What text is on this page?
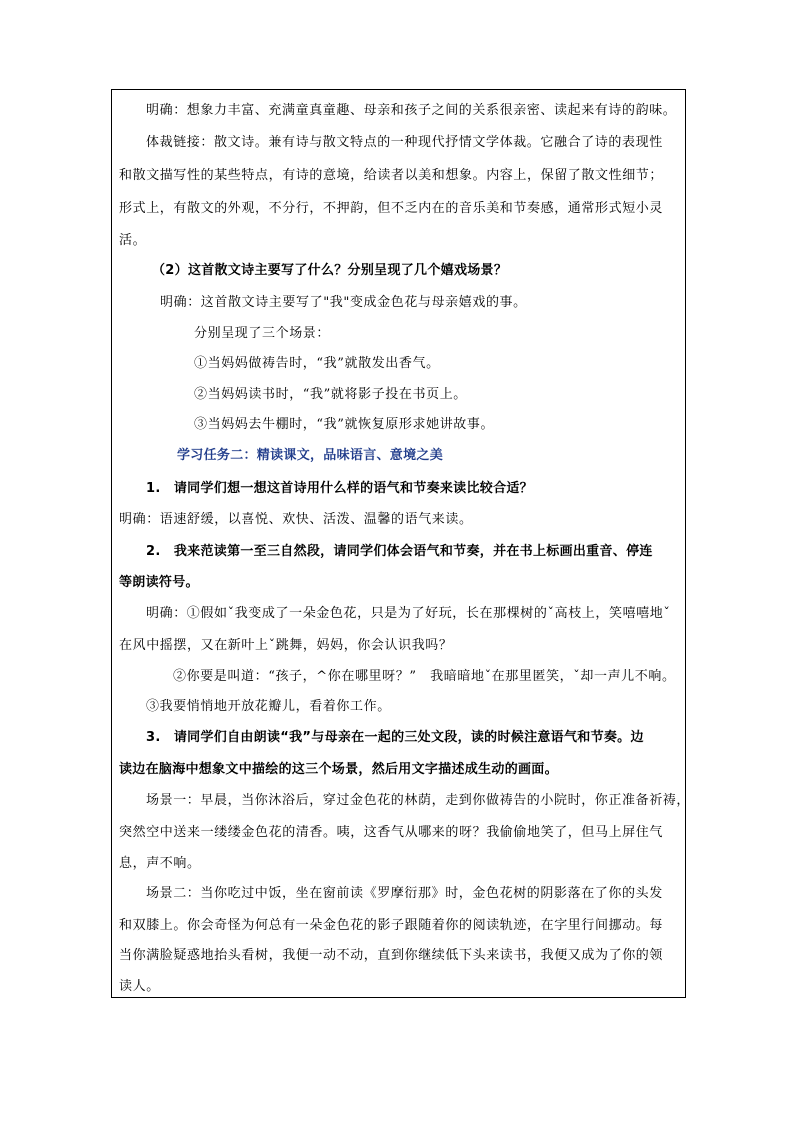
明确：想象力丰富、充满童真童趣、母亲和孩子之间的关系很亲密、读起来有诗的韵味。
体裁链接：散文诗。兼有诗与散文特点的一种现代抒情文学体裁。它融合了诗的表现性
和散文描写性的某些特点，有诗的意境，给读者以美和想象。内容上，保留了散文性细节；
形式上，有散文的外观，不分行，不押韵，但不乏内在的音乐美和节奏感，通常形式短小灵
活。
（2）这首散文诗主要写了什么？分别呈现了几个嬉戏场景？
明确：这首散文诗主要写了"我"变成金色花与母亲嬉戏的事。
分别呈现了三个场景：
①当妈妈做祷告时，“我”就散发出香气。
②当妈妈读书时，“我”就将影子投在书页上。
③当妈妈去牛棚时，“我”就恢复原形求她讲故事。
学习任务二：精读课文，品味语言、意境之美
1.　请同学们想一想这首诗用什么样的语气和节奏来读比较合适？
明确：语速舒缓，以喜悦、欢快、活泼、温馨的语气来读。
2.　我来范读第一至三自然段，请同学们体会语气和节奏，并在书上标画出重音、停连
等朗读符号。
明确：①假如ˇ我变成了一朵金色花，只是为了好玩，长在那棵树的ˇ高枝上，笑嘻嘻地ˇ
在风中摇摆，又在新叶上ˇ跳舞，妈妈，你会认识我吗？
②你要是叫道：“孩子，^你在哪里呀？”　我暗暗地ˇ在那里匿笑，ˇ却一声儿不响。
③我要悄悄地开放花瓣儿，看着你工作。
3.　请同学们自由朗读“我”与母亲在一起的三处文段，读的时候注意语气和节奏。边
读边在脑海中想象文中描绘的这三个场景，然后用文字描述成生动的画面。
场景一：早晨，当你沐浴后，穿过金色花的林荫，走到你做祷告的小院时，你正准备祈祷，
突然空中送来一缕缕金色花的清香。咦，这香气从哪来的呀？我偷偷地笑了，但马上屏住气
息，声不响。
场景二：当你吃过中饭，坐在窗前读《罗摩衍那》时，金色花树的阴影落在了你的头发
和双膝上。你会奇怪为何总有一朵金色花的影子跟随着你的阅读轨迹，在字里行间挪动。每
当你满脸疑惑地抬头看树，我便一动不动，直到你继续低下头来读书，我便又成为了你的领
读人。
